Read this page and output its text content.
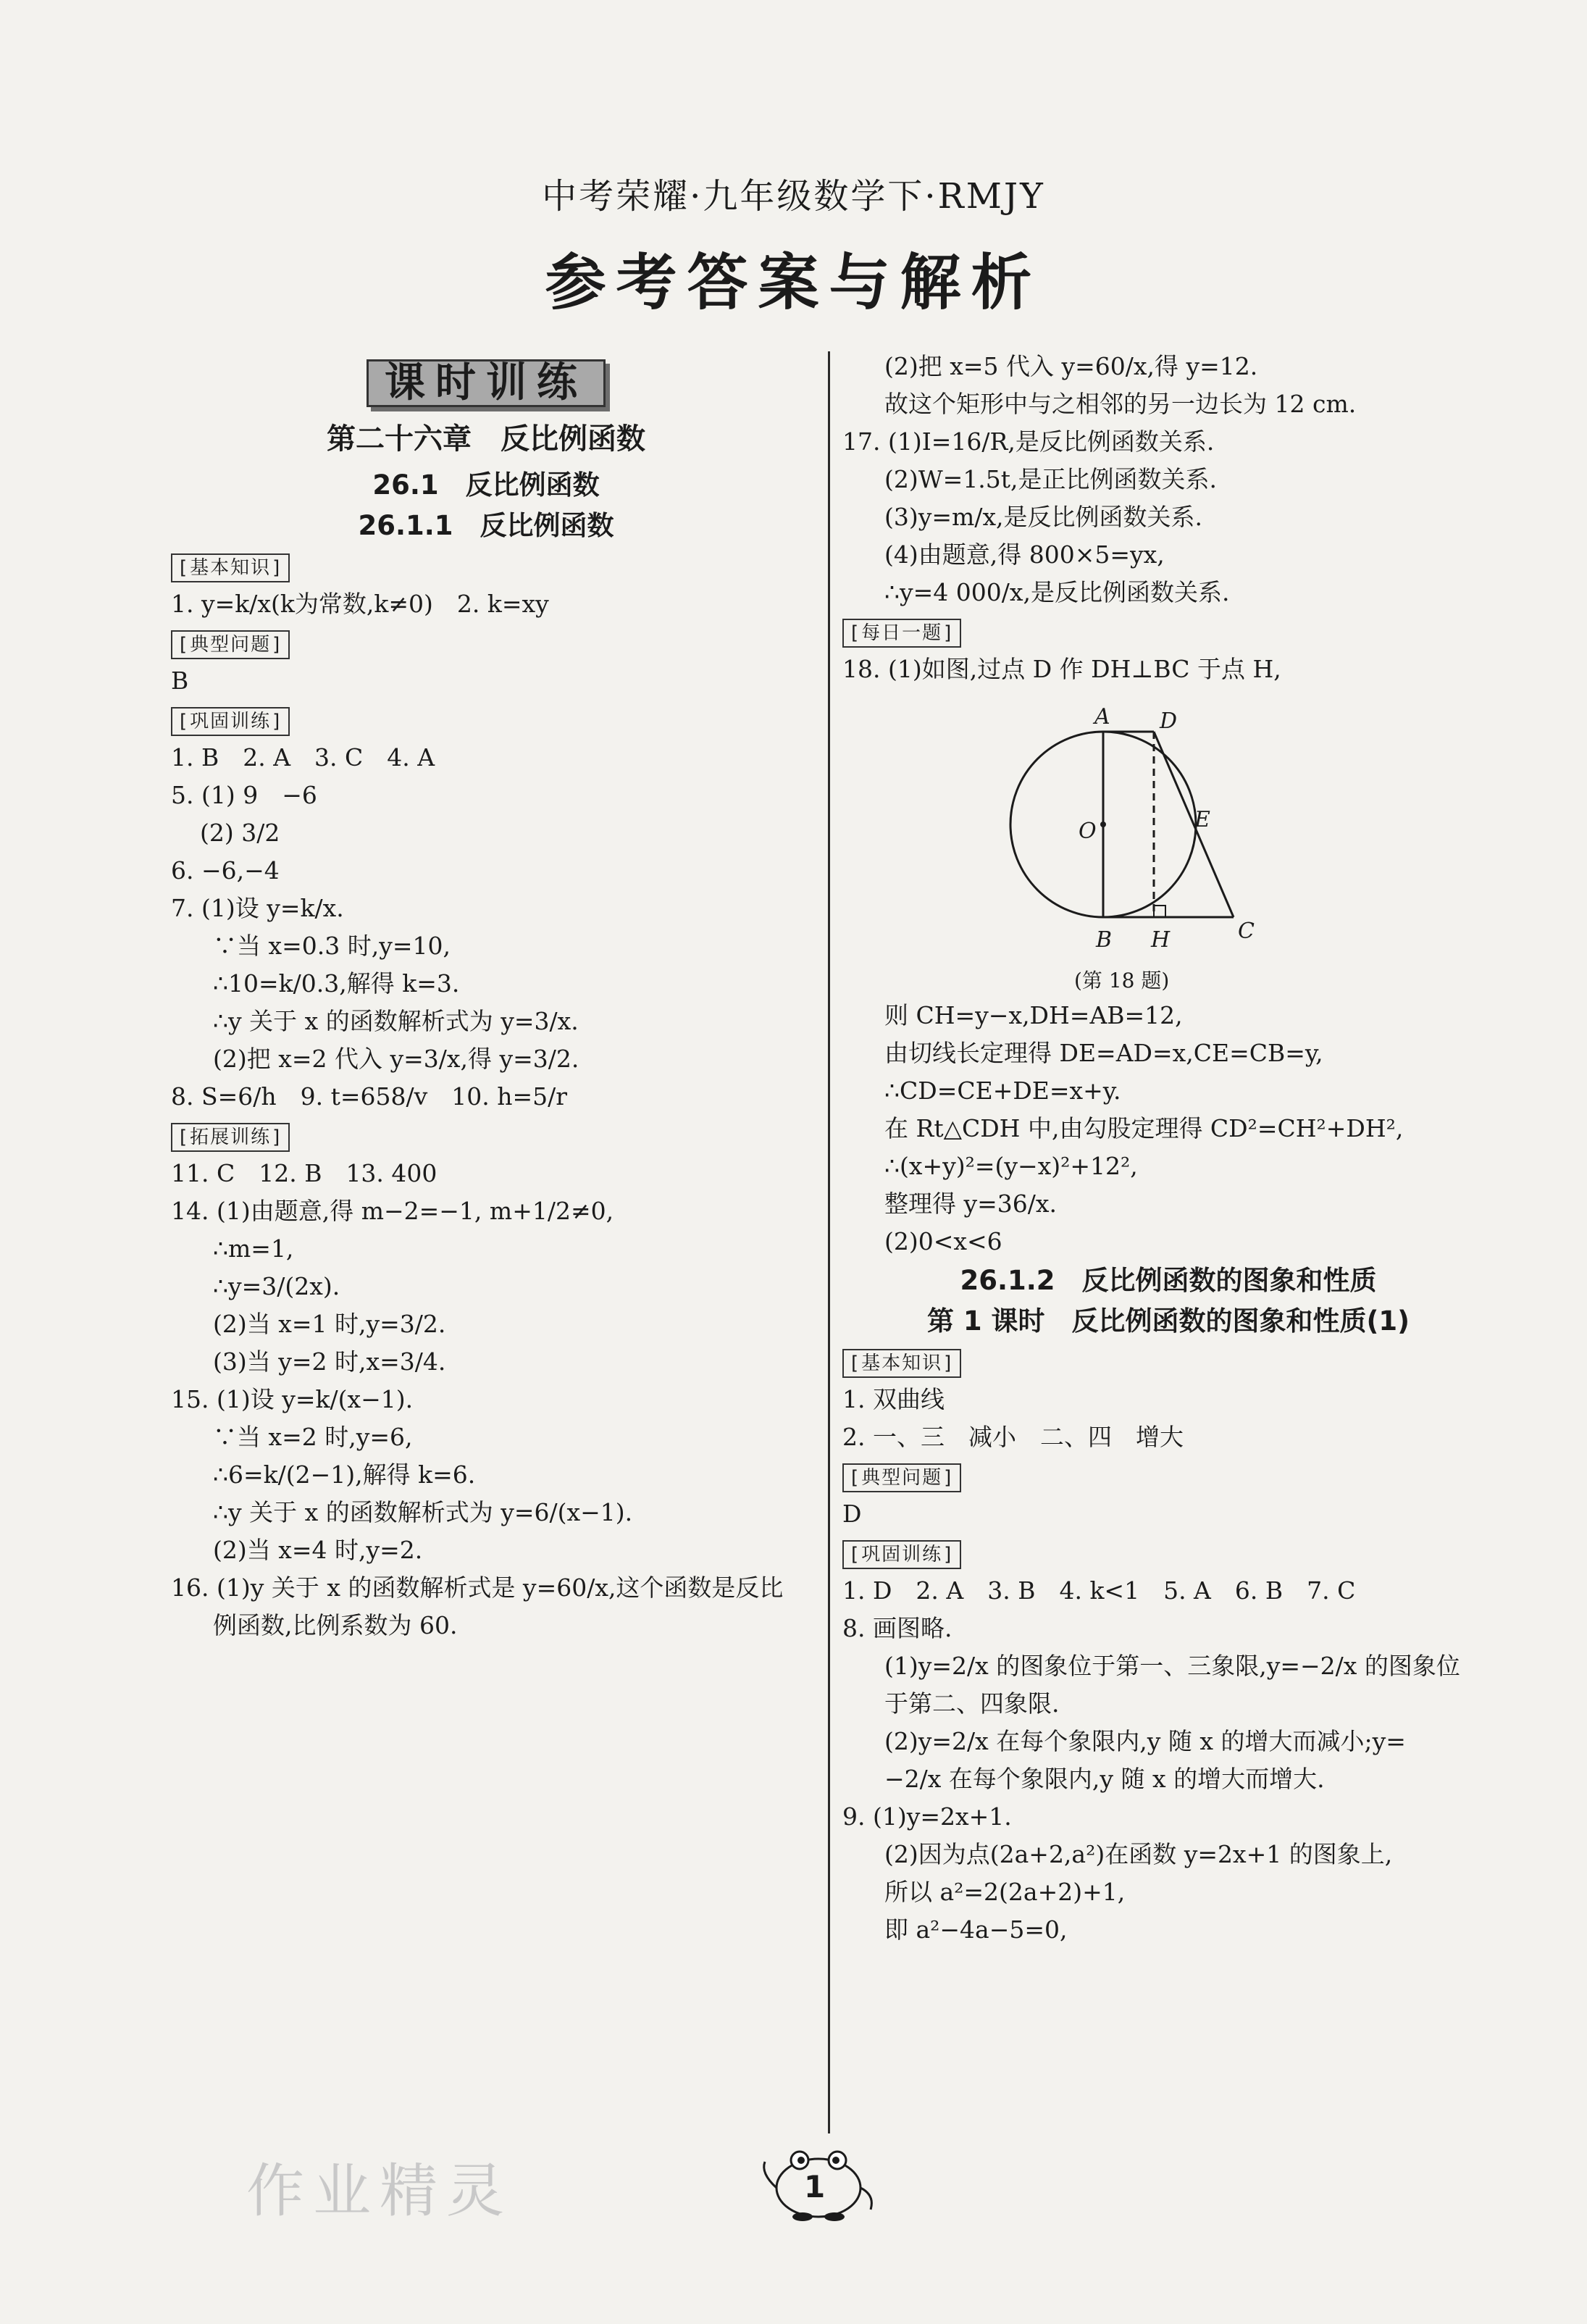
中考荣耀·九年级数学下·RMJY
参考答案与解析
课时训练
第二十六章　反比例函数
26.1　反比例函数
26.1.1　反比例函数
[ 基本知识 ]
1. y=k/x(k为常数,k≠0)　2. k=xy
[ 典型问题 ]
B
[ 巩固训练 ]
1. B　2. A　3. C　4. A
5. (1) 9　−6
(2) 3/2
6. −6,−4
7. (1)设 y=k/x.
∵当 x=0.3 时,y=10,
∴10=k/0.3,解得 k=3.
∴y 关于 x 的函数解析式为 y=3/x.
(2)把 x=2 代入 y=3/x,得 y=3/2.
8. S=6/h　9. t=658/v　10. h=5/r
[ 拓展训练 ]
11. C　12. B　13. 400
14. (1)由题意,得 m−2=−1, m+1/2≠0,
∴m=1,
∴y=3/(2x).
(2)当 x=1 时,y=3/2.
(3)当 y=2 时,x=3/4.
15. (1)设 y=k/(x−1).
∵当 x=2 时,y=6,
∴6=k/(2−1),解得 k=6.
∴y 关于 x 的函数解析式为 y=6/(x−1).
(2)当 x=4 时,y=2.
16. (1)y 关于 x 的函数解析式是 y=60/x,这个函数是反比
例函数,比例系数为 60.
(2)把 x=5 代入 y=60/x,得 y=12.
故这个矩形中与之相邻的另一边长为 12 cm.
17. (1)I=16/R,是反比例函数关系.
(2)W=1.5t,是正比例函数关系.
(3)y=m/x,是反比例函数关系.
(4)由题意,得 800×5=yx,
∴y=4 000/x,是反比例函数关系.
[ 每日一题 ]
18. (1)如图,过点 D 作 DH⊥BC 于点 H,
A D
E
O
B H	C
(第 18 题)
则 CH=y−x,DH=AB=12,
由切线长定理得 DE=AD=x,CE=CB=y,
∴CD=CE+DE=x+y.
在 Rt△CDH 中,由勾股定理得 CD²=CH²+DH²,
∴(x+y)²=(y−x)²+12²,
整理得 y=36/x.
(2)0<x<6
26.1.2　反比例函数的图象和性质
第 1 课时　反比例函数的图象和性质(1)
[ 基本知识 ]
1. 双曲线
2. 一、三　减小　二、四　增大
[ 典型问题 ]
D
[ 巩固训练 ]
1. D　2. A　3. B　4. k<1　5. A　6. B　7. C
8. 画图略.
(1)y=2/x 的图象位于第一、三象限,y=−2/x 的图象位
于第二、四象限.
(2)y=2/x 在每个象限内,y 随 x 的增大而减小;y=
−2/x 在每个象限内,y 随 x 的增大而增大.
9. (1)y=2x+1.
(2)因为点(2a+2,a²)在函数 y=2x+1 的图象上,
所以 a²=2(2a+2)+1,
即 a²−4a−5=0,
作业精灵	1
